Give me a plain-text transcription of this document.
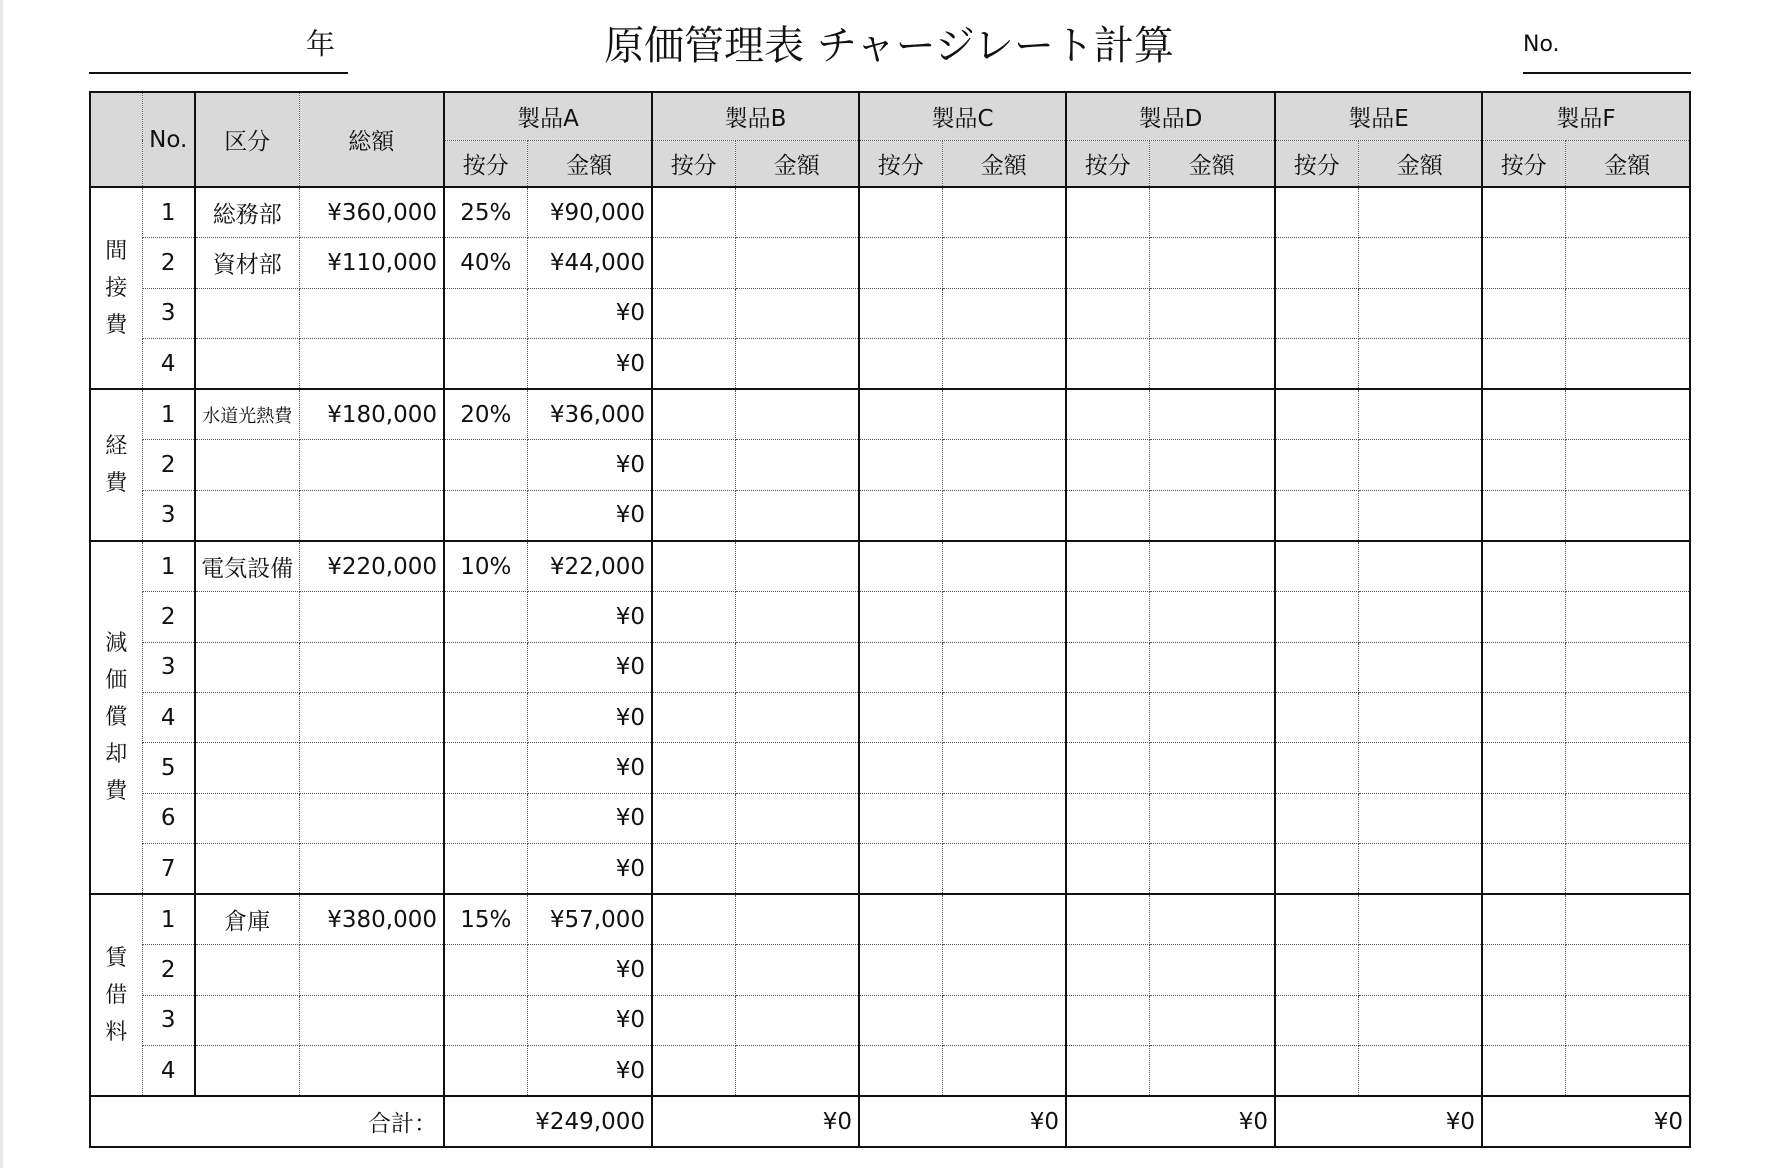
年	原価管理表 チャージレート計算	No.
	No.	区分	総額	製品A		製品B		製品C		製品D		製品E		製品F	
				按分	金額	按分	金額	按分	金額	按分	金額	按分	金額	按分	金額

間接費	1	総務部	¥360,000	25%	¥90,000										
	2	資材部	¥110,000	40%	¥44,000										
	3				¥0										
	4				¥0										

経費	1	水道光熱費	¥180,000	20%	¥36,000										
	2				¥0										
	3				¥0										

減価償却費	1	電気設備	¥220,000	10%	¥22,000										
	2				¥0										
	3				¥0										
	4				¥0										
	5				¥0										
	6				¥0										
	7				¥0										

賃借料	1	倉庫	¥380,000	15%	¥57,000										
	2				¥0										
	3				¥0										
	4				¥0										
合計：				¥249,000		¥0		¥0		¥0		¥0		¥0	
